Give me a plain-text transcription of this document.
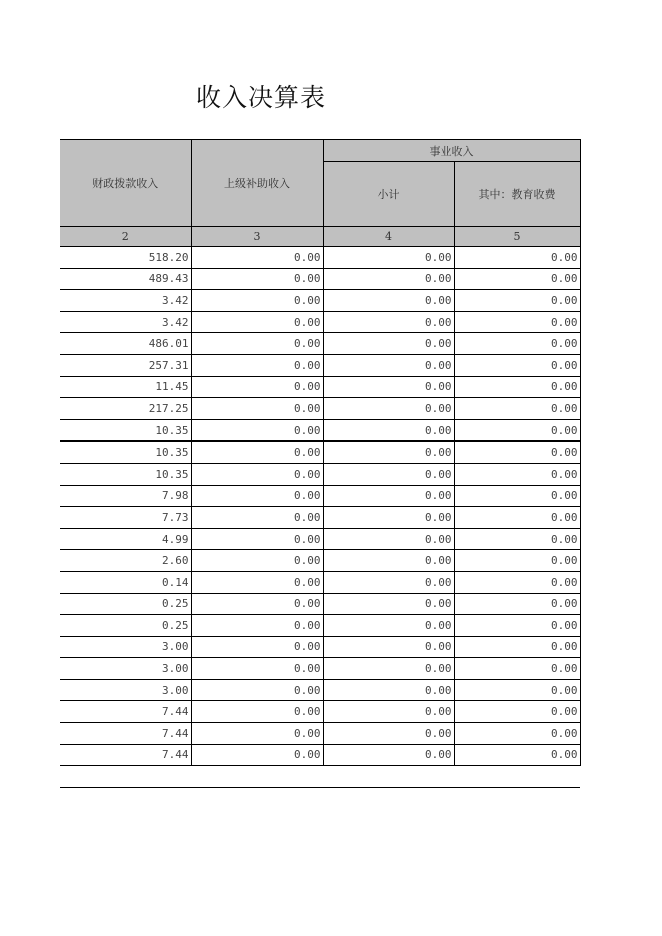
收入决算表
财政拨款收入	上级补助收入	事业收入	
		小计	其中：教育收费
2	3	4	5
518.20	0.00	0.00	0.00
489.43	0.00	0.00	0.00
3.42	0.00	0.00	0.00
3.42	0.00	0.00	0.00
486.01	0.00	0.00	0.00
257.31	0.00	0.00	0.00
11.45	0.00	0.00	0.00
217.25	0.00	0.00	0.00
10.35	0.00	0.00	0.00
10.35	0.00	0.00	0.00
10.35	0.00	0.00	0.00
7.98	0.00	0.00	0.00
7.73	0.00	0.00	0.00
4.99	0.00	0.00	0.00
2.60	0.00	0.00	0.00
0.14	0.00	0.00	0.00
0.25	0.00	0.00	0.00
0.25	0.00	0.00	0.00
3.00	0.00	0.00	0.00
3.00	0.00	0.00	0.00
3.00	0.00	0.00	0.00
7.44	0.00	0.00	0.00
7.44	0.00	0.00	0.00
7.44	0.00	0.00	0.00
